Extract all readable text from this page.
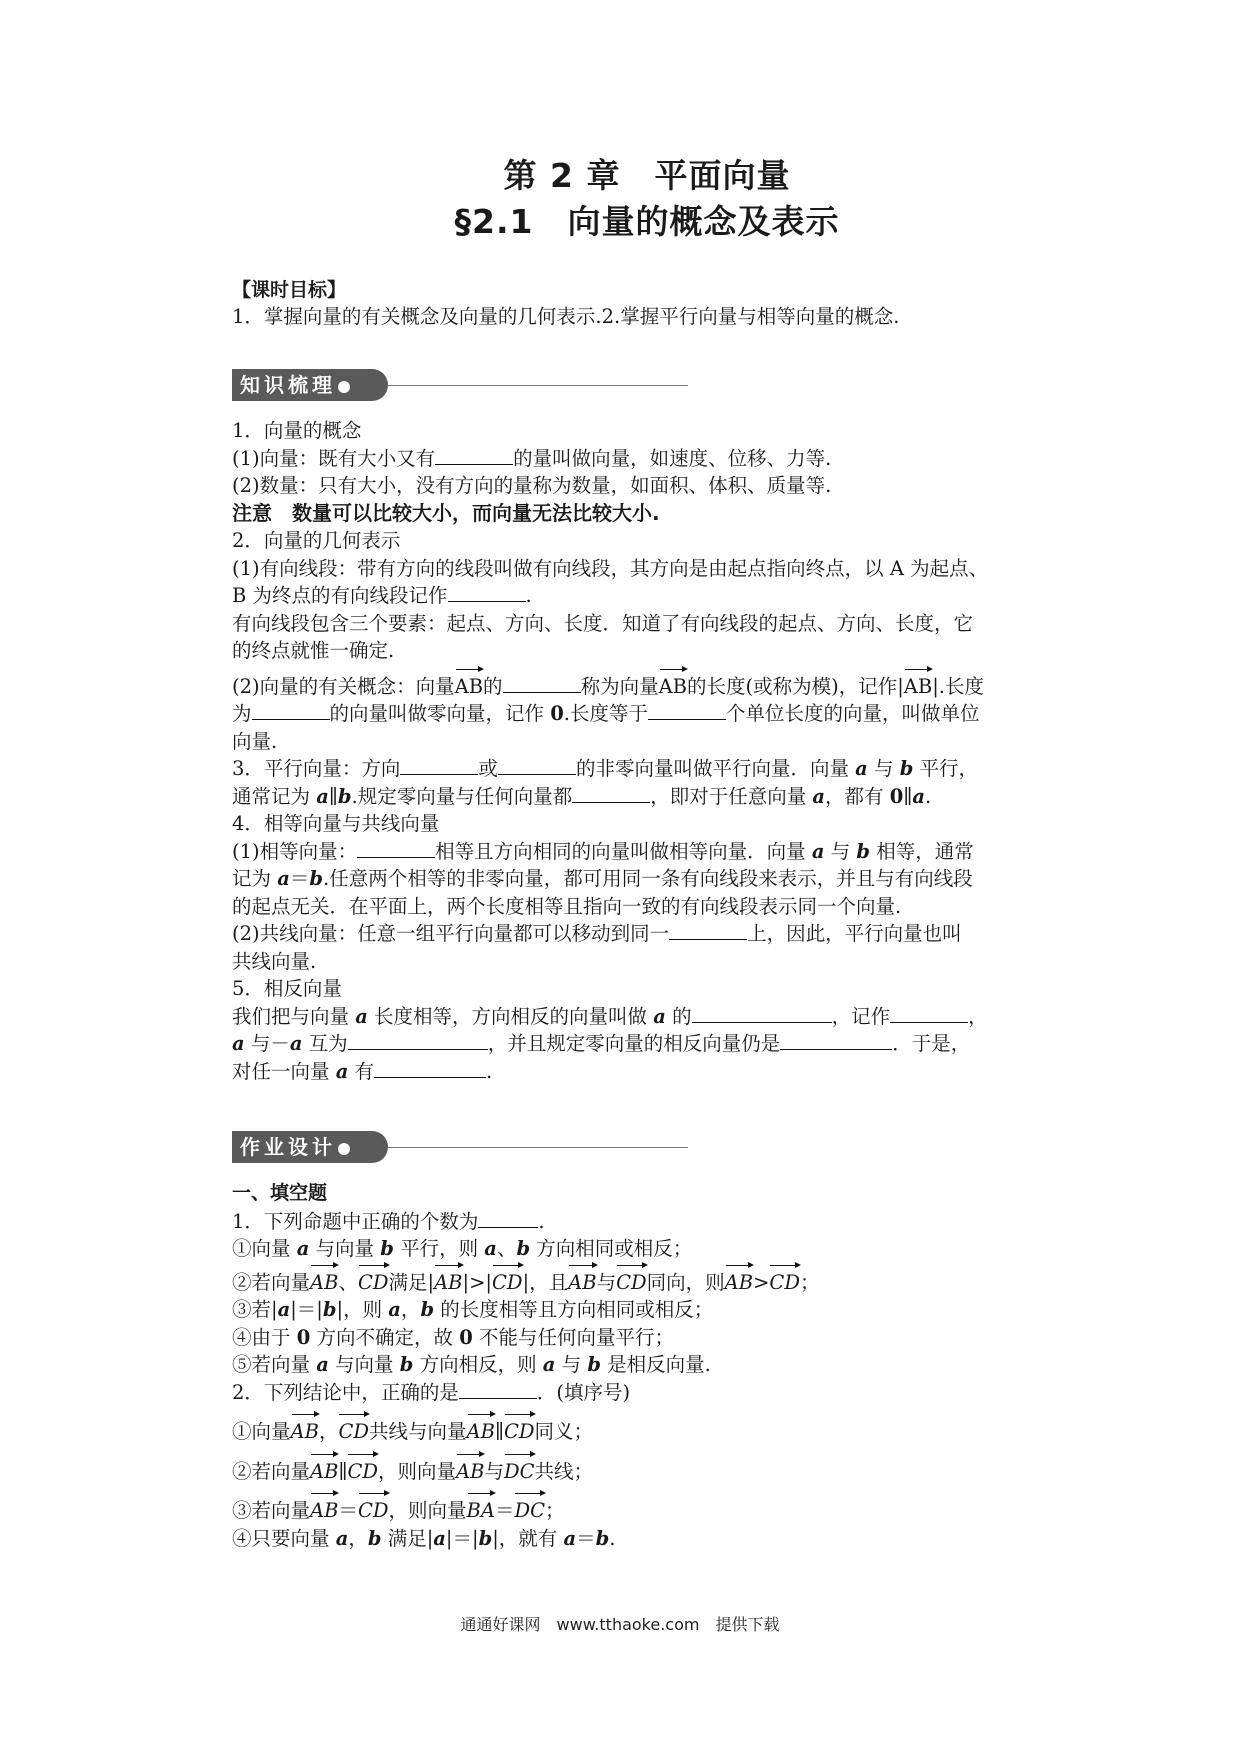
第 2 章　平面向量
§2.1　向量的概念及表示
【课时目标】
1．掌握向量的有关概念及向量的几何表示.2.掌握平行向量与相等向量的概念.
知识梳理
1．向量的概念
(1)向量：既有大小又有	的量叫做向量，如速度、位移、力等.
(2)数量：只有大小，没有方向的量称为数量，如面积、体积、质量等.
注意　数量可以比较大小，而向量无法比较大小.
2．向量的几何表示
(1)有向线段：带有方向的线段叫做有向线段，其方向是由起点指向终点，以 A 为起点、
B 为终点的有向线段记作	.
有向线段包含三个要素：起点、方向、长度．知道了有向线段的起点、方向、长度，它
的终点就惟一确定.
(2)向量的有关概念：向量AB的	称为向量AB的长度(或称为模)，记作|AB|.长度
为	的向量叫做零向量，记作 0.长度等于	个单位长度的向量，叫做单位
向量.
3．平行向量：方向	或	的非零向量叫做平行向量．向量 a 与 b 平行，
通常记为 a∥b.规定零向量与任何向量都	，即对于任意向量 a，都有 0∥a.
4．相等向量与共线向量
(1)相等向量：	相等且方向相同的向量叫做相等向量．向量 a 与 b 相等，通常
记为 a＝b.任意两个相等的非零向量，都可用同一条有向线段来表示，并且与有向线段
的起点无关．在平面上，两个长度相等且指向一致的有向线段表示同一个向量.
(2)共线向量：任意一组平行向量都可以移动到同一	上，因此，平行向量也叫
共线向量.
5．相反向量
我们把与向量 a 长度相等，方向相反的向量叫做 a 的	，记作	，
a 与－a 互为	，并且规定零向量的相反向量仍是	．于是，
对任一向量 a 有	.
作业设计
一、填空题
1．下列命题中正确的个数为	.
①向量 a 与向量 b 平行，则 a、b 方向相同或相反；
②若向量AB、CD满足|AB|>|CD|，且AB与CD同向，则AB>CD；
③若|a|＝|b|，则 a，b 的长度相等且方向相同或相反；
④由于 0 方向不确定，故 0 不能与任何向量平行；
⑤若向量 a 与向量 b 方向相反，则 a 与 b 是相反向量.
2．下列结论中，正确的是	．(填序号)
①向量AB，CD共线与向量AB∥CD同义；
②若向量AB∥CD，则向量AB与DC共线；
③若向量AB＝CD，则向量BA＝DC；
④只要向量 a，b 满足|a|＝|b|，就有 a＝b.
通通好课网　www.tthaoke.com　提供下载
